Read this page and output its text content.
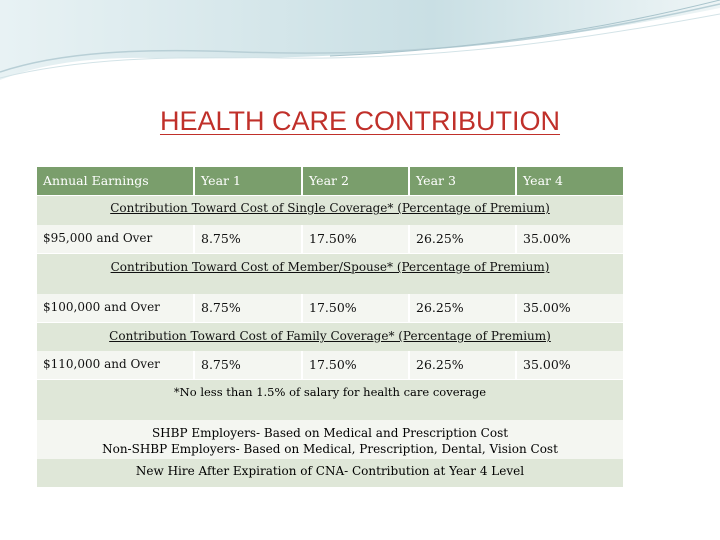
HEALTH CARE CONTRIBUTION
Annual Earnings	Year 1	Year 2	Year 3	Year 4
Contribution Toward Cost of Single Coverage* (Percentage of Premium)
$95,000 and Over	8.75%	17.50%	26.25%	35.00%
Contribution Toward Cost of Member/Spouse* (Percentage of Premium)
$100,000 and Over	8.75%	17.50%	26.25%	35.00%
Contribution Toward Cost of Family Coverage* (Percentage of Premium)
$110,000 and Over	8.75%	17.50%	26.25%	35.00%
*No less than 1.5% of salary for health care coverage
SHBP Employers- Based on Medical and Prescription Cost
Non-SHBP Employers- Based on Medical, Prescription, Dental, Vision Cost
New Hire After Expiration of CNA- Contribution at Year 4 Level
